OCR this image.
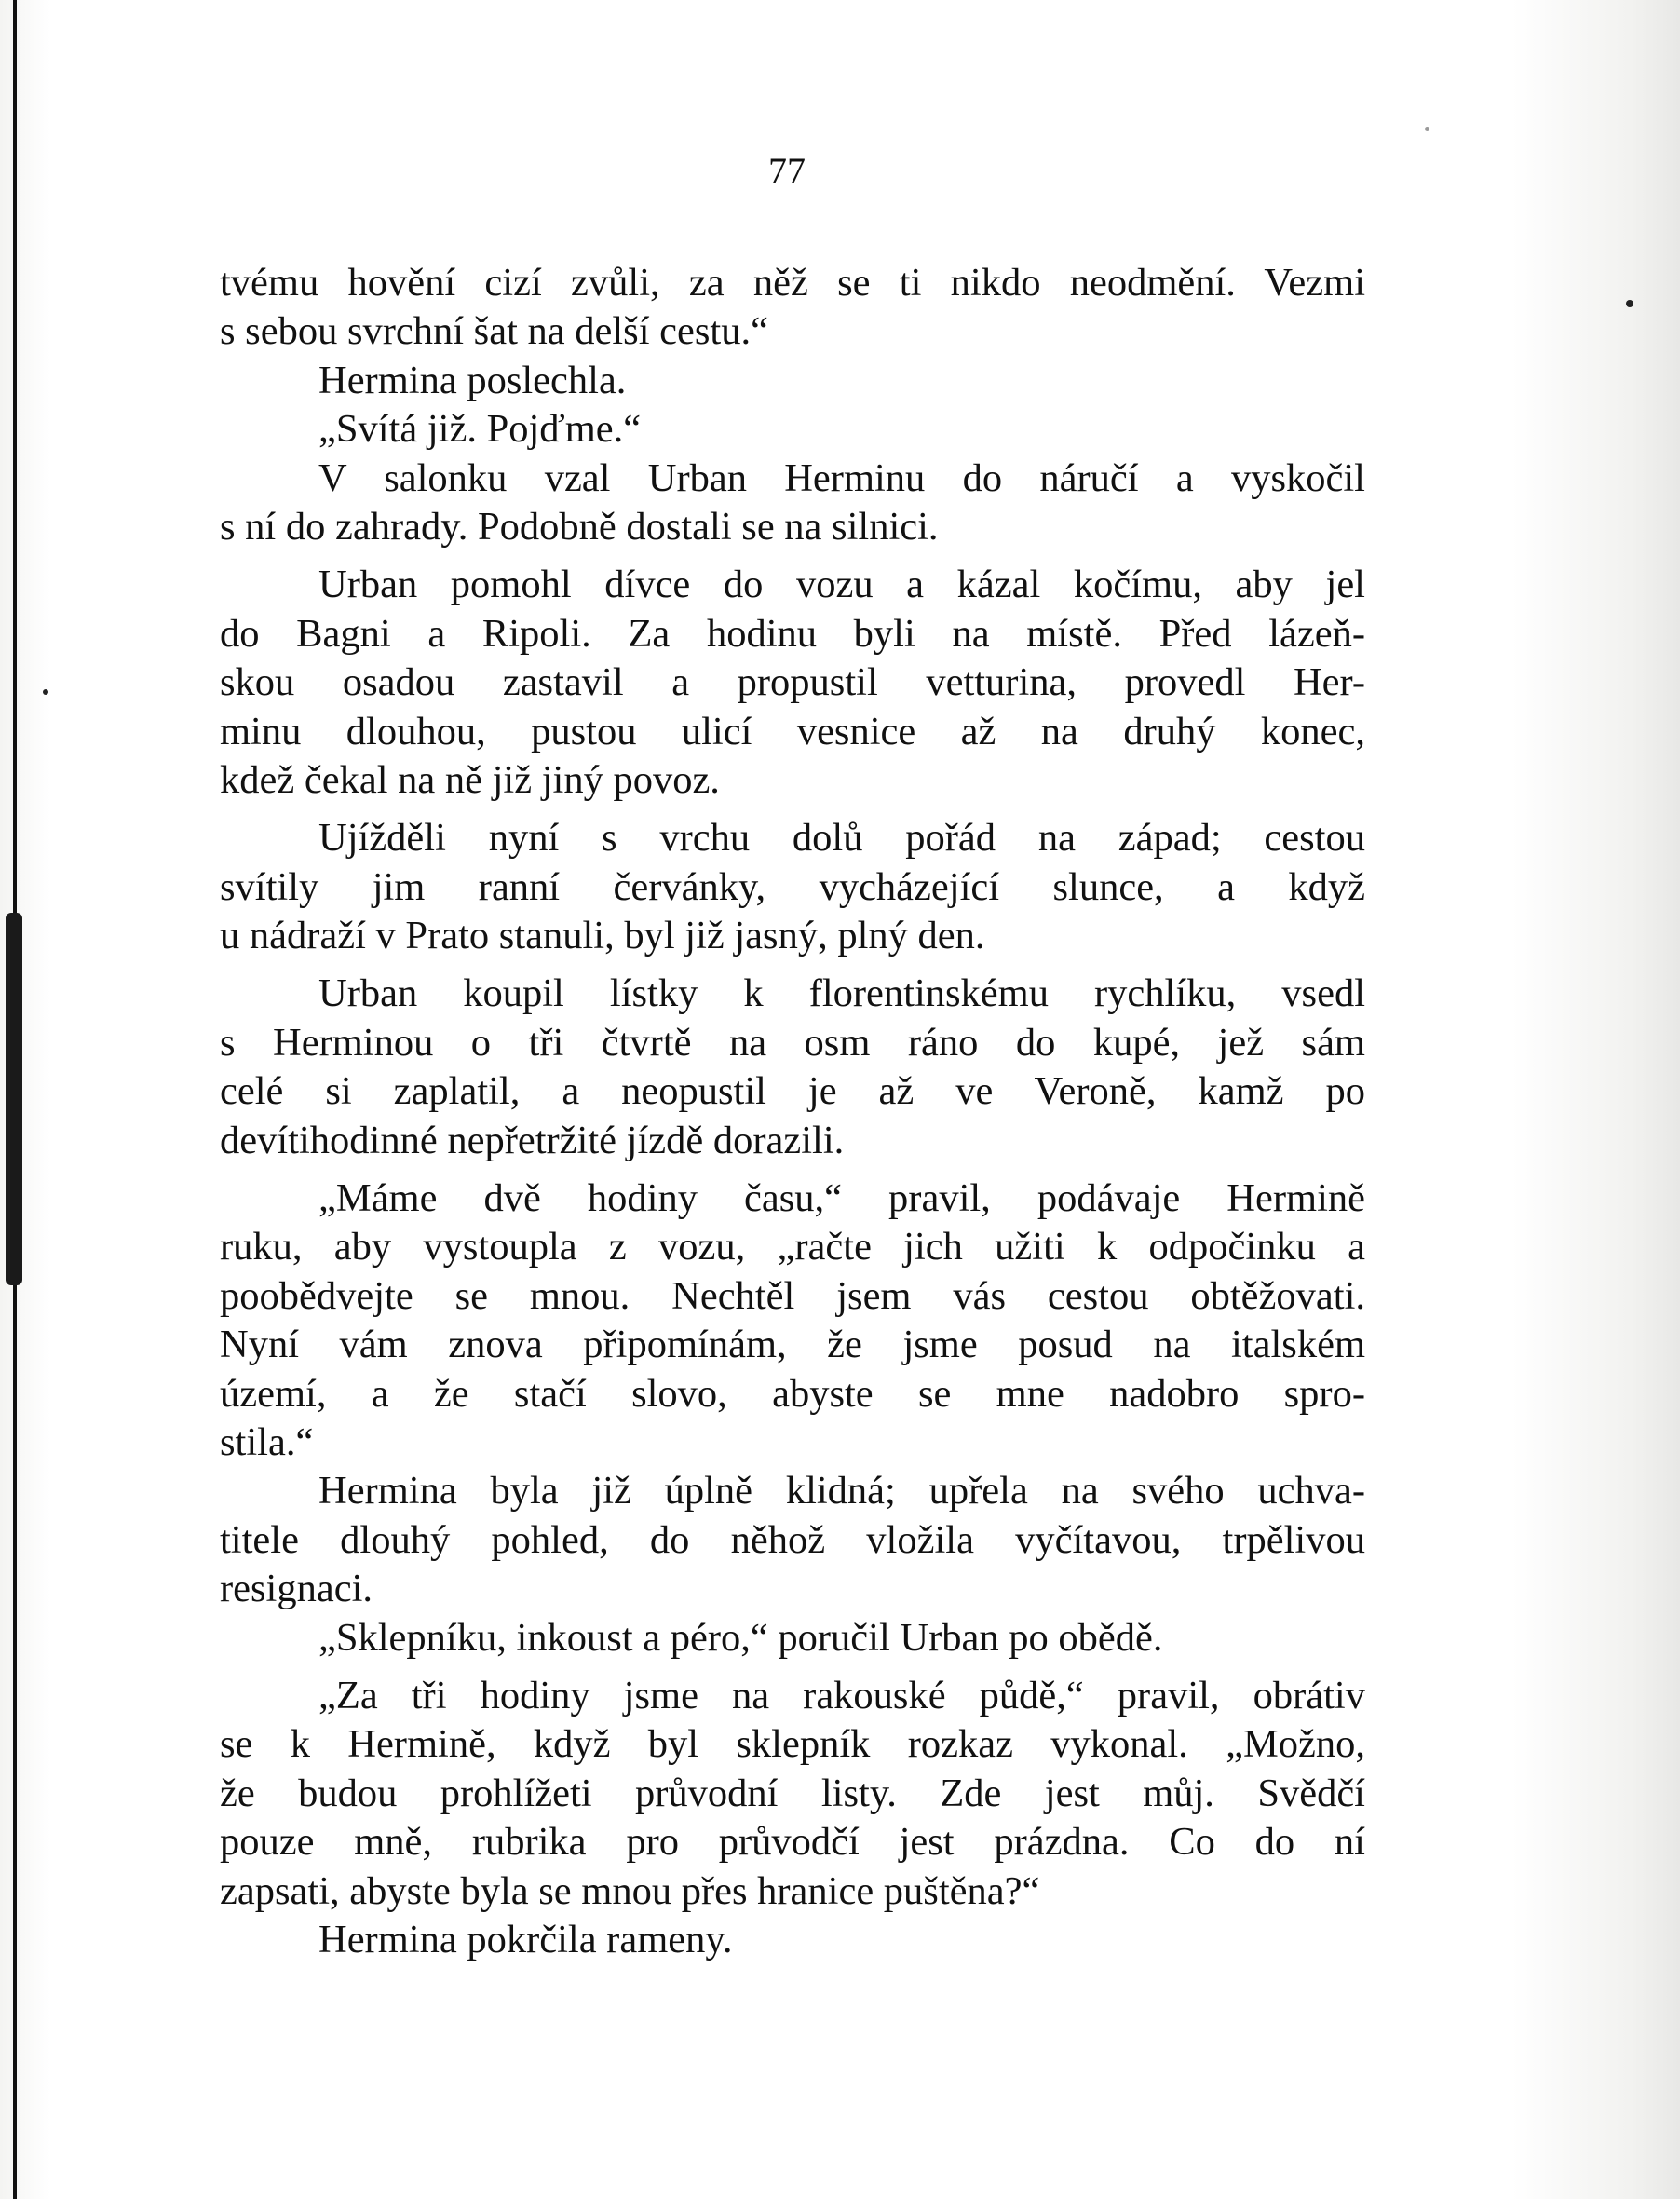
77
tvému hovění cizí zvůli, za něž se ti nikdo neodmění. Vezmi
s sebou svrchní šat na delší cestu.“
Hermina poslechla.
„Svítá již. Pojďme.“
V salonku vzal Urban Herminu do náručí a vyskočil
s ní do zahrady. Podobně dostali se na silnici.
Urban pomohl dívce do vozu a kázal kočímu, aby jel
do Bagni a Ripoli. Za hodinu byli na místě. Před lázeň-
skou osadou zastavil a propustil vetturina, provedl Her-
minu dlouhou, pustou ulicí vesnice až na druhý konec,
kdež čekal na ně již jiný povoz.
Ujížděli nyní s vrchu dolů pořád na západ; cestou
svítily jim ranní červánky, vycházející slunce, a když
u nádraží v Prato stanuli, byl již jasný, plný den.
Urban koupil lístky k florentinskému rychlíku, vsedl
s Herminou o tři čtvrtě na osm ráno do kupé, jež sám
celé si zaplatil, a neopustil je až ve Veroně, kamž po
devítihodinné nepřetržité jízdě dorazili.
„Máme dvě hodiny času,“ pravil, podávaje Hermině
ruku, aby vystoupla z vozu, „račte jich užiti k odpočinku a
poobědvejte se mnou. Nechtěl jsem vás cestou obtěžovati.
Nyní vám znova připomínám, že jsme posud na italském
území, a že stačí slovo, abyste se mne nadobro spro-
stila.“
Hermina byla již úplně klidná; upřela na svého uchva-
titele dlouhý pohled, do něhož vložila vyčítavou, trpělivou
resignaci.
„Sklepníku, inkoust a péro,“ poručil Urban po obědě.
„Za tři hodiny jsme na rakouské půdě,“ pravil, obrátiv
se k Hermině, když byl sklepník rozkaz vykonal. „Možno,
že budou prohlížeti průvodní listy. Zde jest můj. Svědčí
pouze mně, rubrika pro průvodčí jest prázdna. Co do ní
zapsati, abyste byla se mnou přes hranice puštěna?“
Hermina pokrčila rameny.
